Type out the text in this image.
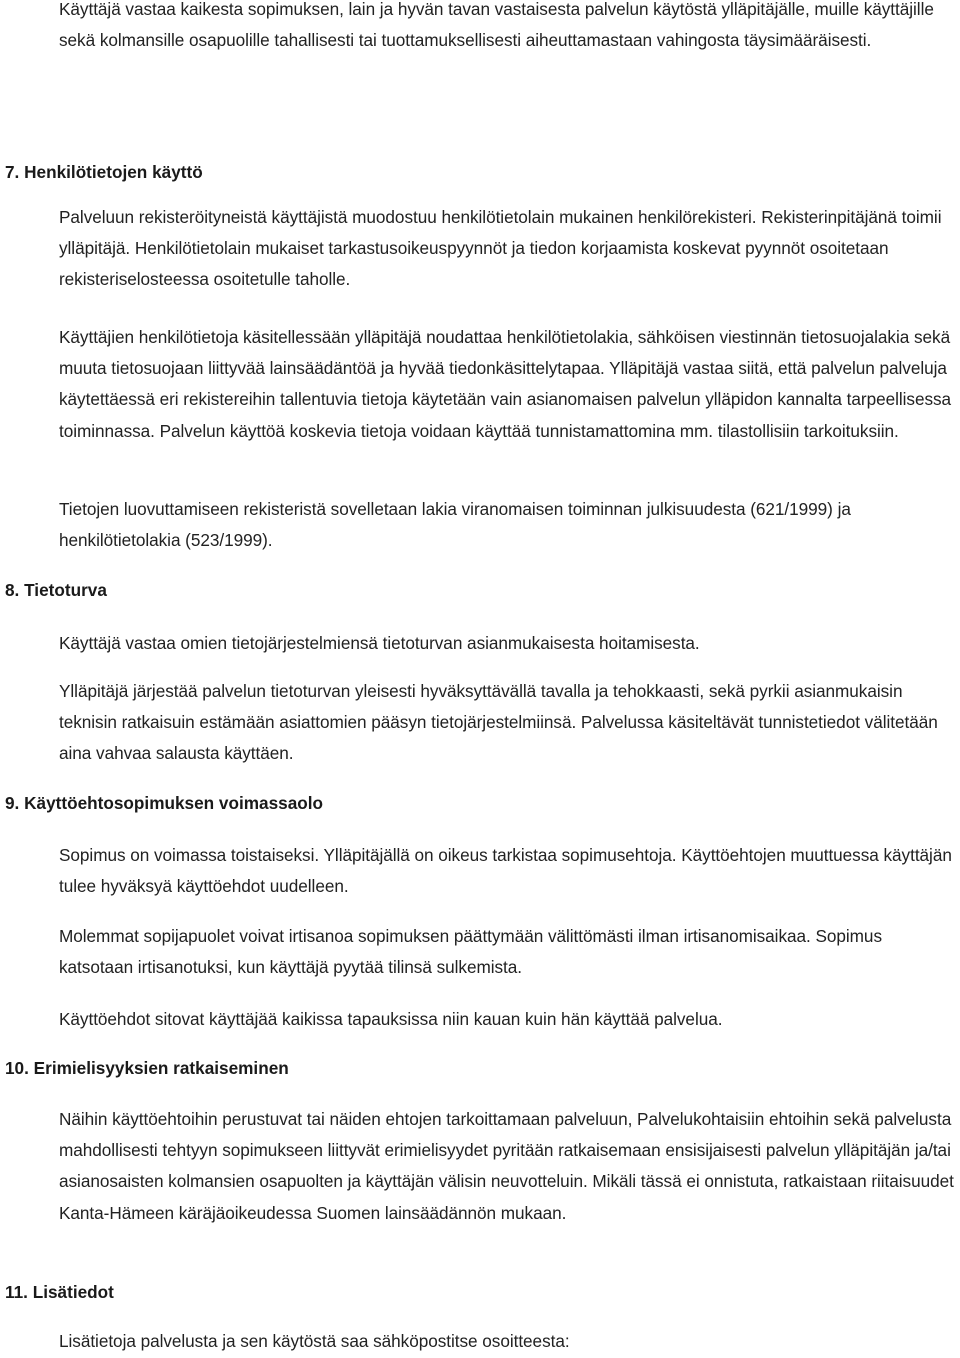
Käyttäjä vastaa kaikesta sopimuksen, lain ja hyvän tavan vastaisesta palvelun käytöstä ylläpitäjälle, muille käyttäjille sekä kolmansille osapuolille tahallisesti tai tuottamuksellisesti aiheuttamastaan vahingosta täysimääräisesti.

7. Henkilötietojen käyttö

Palveluun rekisteröityneistä käyttäjistä muodostuu henkilötietolain mukainen henkilörekisteri. Rekisterinpitäjänä toimii ylläpitäjä. Henkilötietolain mukaiset tarkastusoikeuspyynnöt ja tiedon korjaamista koskevat pyynnöt osoitetaan rekisteriselosteessa osoitetulle taholle.

Käyttäjien henkilötietoja käsitellessään ylläpitäjä noudattaa henkilötietolakia, sähköisen viestinnän tietosuojalakia sekä muuta tietosuojaan liittyvää lainsäädäntöä ja hyvää tiedonkäsittelytapaa. Ylläpitäjä vastaa siitä, että palvelun palveluja käytettäessä eri rekistereihin tallentuvia tietoja käytetään vain asianomaisen palvelun ylläpidon kannalta tarpeellisessa toiminnassa. Palvelun käyttöä koskevia tietoja voidaan käyttää tunnistamattomina mm. tilastollisiin tarkoituksiin.

Tietojen luovuttamiseen rekisteristä sovelletaan lakia viranomaisen toiminnan julkisuudesta (621/1999) ja henkilötietolakia (523/1999).

8. Tietoturva

Käyttäjä vastaa omien tietojärjestelmiensä tietoturvan asianmukaisesta hoitamisesta.

Ylläpitäjä järjestää palvelun tietoturvan yleisesti hyväksyttävällä tavalla ja tehokkaasti, sekä pyrkii asianmukaisin teknisin ratkaisuin estämään asiattomien pääsyn tietojärjestelmiinsä. Palvelussa käsiteltävät tunnistetiedot välitetään aina vahvaa salausta käyttäen.

9. Käyttöehtosopimuksen voimassaolo

Sopimus on voimassa toistaiseksi. Ylläpitäjällä on oikeus tarkistaa sopimusehtoja. Käyttöehtojen muuttuessa käyttäjän tulee hyväksyä käyttöehdot uudelleen.

Molemmat sopijapuolet voivat irtisanoa sopimuksen päättymään välittömästi ilman irtisanomisaikaa. Sopimus katsotaan irtisanotuksi, kun käyttäjä pyytää tilinsä sulkemista.

Käyttöehdot sitovat käyttäjää kaikissa tapauksissa niin kauan kuin hän käyttää palvelua.

10. Erimielisyyksien ratkaiseminen

Näihin käyttöehtoihin perustuvat tai näiden ehtojen tarkoittamaan palveluun, Palvelukohtaisiin ehtoihin sekä palvelusta mahdollisesti tehtyyn sopimukseen liittyvät erimielisyydet pyritään ratkaisemaan ensisijaisesti palvelun ylläpitäjän ja/tai asianosaisten kolmansien osapuolten ja käyttäjän välisin neuvotteluin. Mikäli tässä ei onnistuta, ratkaistaan riitaisuudet Kanta-Hämeen käräjäoikeudessa Suomen lainsäädännön mukaan.

11. Lisätiedot

Lisätietoja palvelusta ja sen käytöstä saa sähköpostitse osoitteesta:
